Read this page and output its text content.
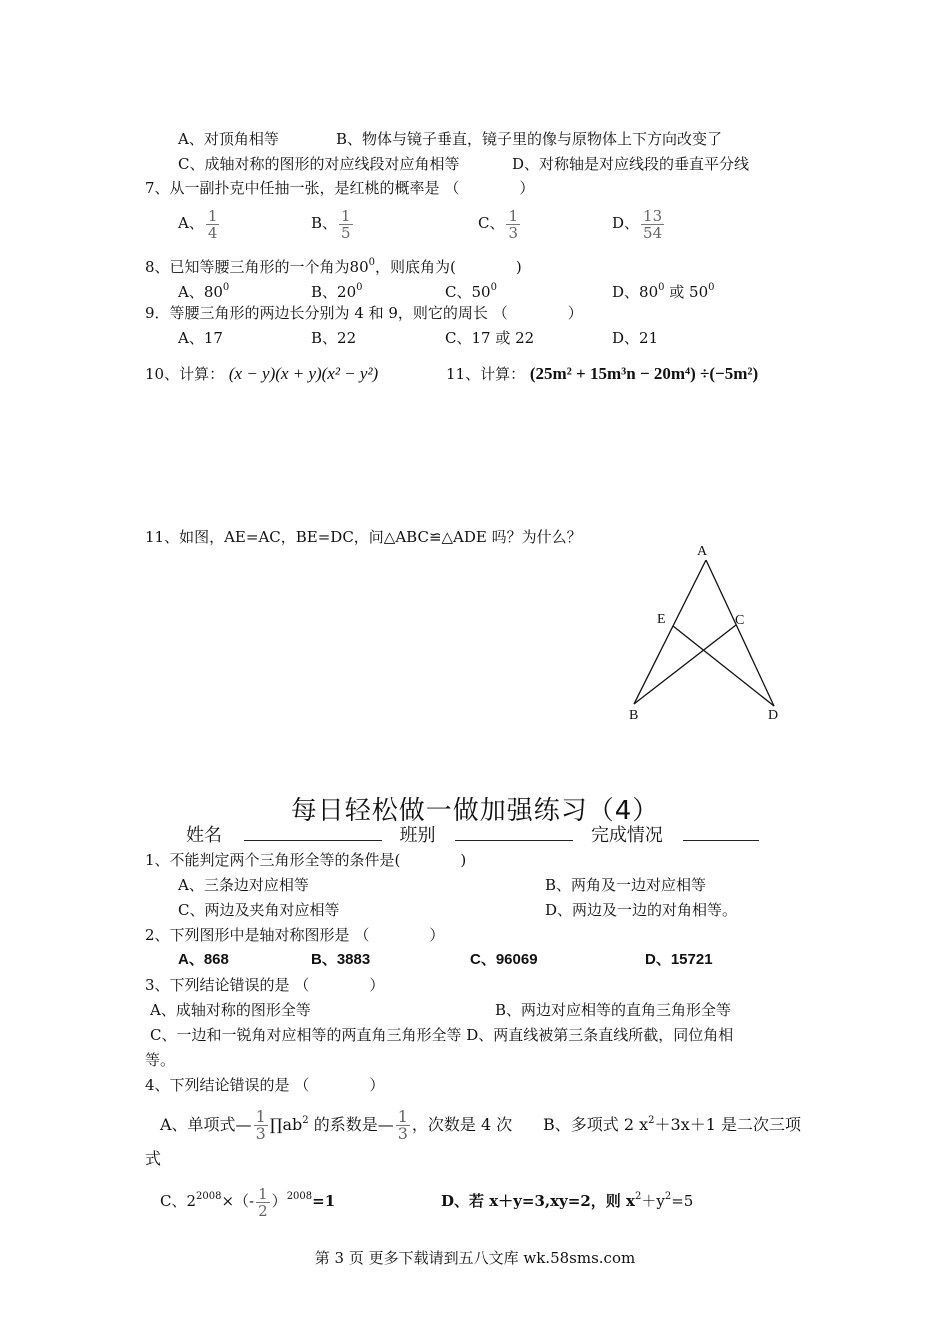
A、对顶角相等	B、物体与镜子垂直，镜子里的像与原物体上下方向改变了
C、成轴对称的图形的对应线段对应角相等	D、对称轴是对应线段的垂直平分线
7、从一副扑克中任抽一张，是红桃的概率是 （　　　　）
A、 $\frac{1}{4}$	B、 $\frac{1}{5}$	C、 $\frac{1}{3}$	D、 $\frac{13}{54}$
8、已知等腰三角形的一个角为$80^0$，则底角为(　　　　)
A、$80^0$	B、$20^0$	C、$50^0$	D、$80^0$ 或 $50^0$
9．等腰三角形的两边长分别为 4 和 9，则它的周长 （　　　　）
A、17	B、22	C、17 或 22	D、21
10、计算： (x − y)(x + y)(x² − y²)	11、计算： (25m² + 15m³n − 20m⁴) ÷(−5m²)
11、如图，AE=AC，BE=DC，问△ABC≌△ADE 吗？为什么？
A
E	C
B	D
每日轻松做一做加强练习（4）
姓名	班别	完成情况
1、不能判定两个三角形全等的条件是(　　　　)
A、三条边对应相等	B、两角及一边对应相等
C、两边及夹角对应相等	D、两边及一边的对角相等。
2、下列图形中是轴对称图形是 （　　　　）
A、868	B、3883	C、96069	D、15721
3、下列结论错误的是 （　　　　）
A、成轴对称的图形全等	B、两边对应相等的直角三角形全等
C、一边和一锐角对应相等的两直角三角形全等 D、两直线被第三条直线所截，同位角相
等。
4、下列结论错误的是 （　　　　）
A、单项式— $\frac{1}{3}$ $\prod ab^2$ 的系数是— $\frac{1}{3}$ ，次数是 4 次 B、多项式 2 $x^2+3x+1$ 是二次三项
式
C、$2^{2008}\times(- \frac{1}{2} )^{2008}=1$	D、若 x＋y=3,xy=2，则 $x^2+y^2=5$
第 3 页 更多下载请到五八文库 wk.58sms.com
